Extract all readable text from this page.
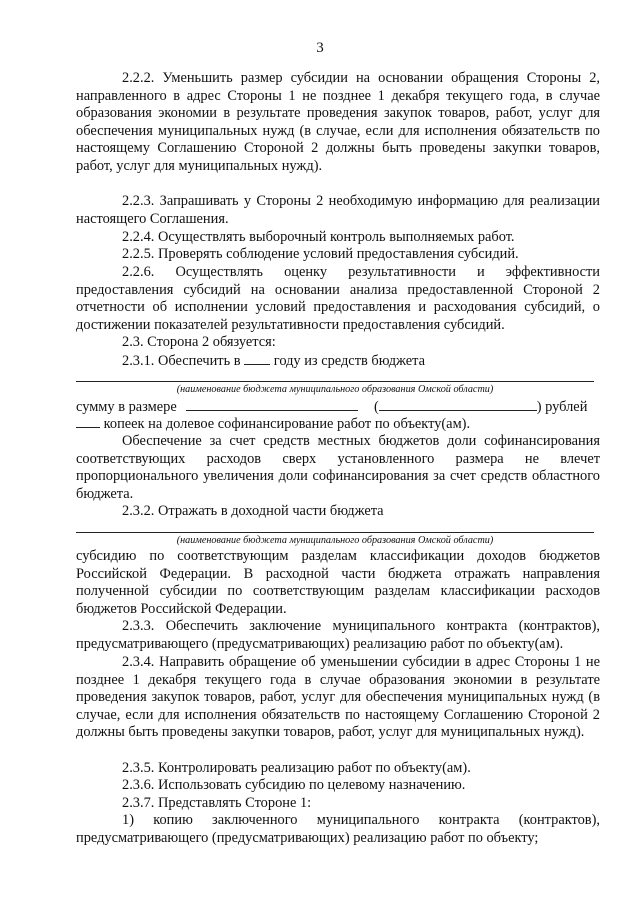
3
2.2.2. Уменьшить размер субсидии на основании обращения Стороны 2, направленного в адрес Стороны 1 не позднее 1 декабря текущего года, в случае образования экономии в результате проведения закупок товаров, работ, услуг для обеспечения муниципальных нужд (в случае, если для исполнения обязательств по настоящему Соглашению Стороной 2 должны быть проведены закупки товаров, работ, услуг для муниципальных нужд).
2.2.3. Запрашивать у Стороны 2 необходимую информацию для реализации настоящего Соглашения.
2.2.4. Осуществлять выборочный контроль выполняемых работ.
2.2.5. Проверять соблюдение условий предоставления субсидий.
2.2.6. Осуществлять оценку результативности и эффективности предоставления субсидий на основании анализа предоставленной Стороной 2 отчетности об исполнении условий предоставления и расходования субсидий, о достижении показателей результативности предоставления субсидий.
2.3. Сторона 2 обязуется:
2.3.1. Обеспечить в году из средств бюджета
(наименование бюджета муниципального образования Омской области)
сумму в размере	(	) рублей
копеек на долевое софинансирование работ по объекту(ам).
Обеспечение за счет средств местных бюджетов доли софинансирования соответствующих расходов сверх установленного размера не влечет пропорционального увеличения доли софинансирования за счет средств областного бюджета.
2.3.2. Отражать в доходной части бюджета
(наименование бюджета муниципального образования Омской области)
субсидию по соответствующим разделам классификации доходов бюджетов Российской Федерации. В расходной части бюджета отражать направления полученной субсидии по соответствующим разделам классификации расходов бюджетов Российской Федерации.
2.3.3. Обеспечить заключение муниципального контракта (контрактов), предусматривающего (предусматривающих) реализацию работ по объекту(ам).
2.3.4. Направить обращение об уменьшении субсидии в адрес Стороны 1 не позднее 1 декабря текущего года в случае образования экономии в результате проведения закупок товаров, работ, услуг для обеспечения муниципальных нужд (в случае, если для исполнения обязательств по настоящему Соглашению Стороной 2 должны быть проведены закупки товаров, работ, услуг для муниципальных нужд).
2.3.5. Контролировать реализацию работ по объекту(ам).
2.3.6. Использовать субсидию по целевому назначению.
2.3.7. Представлять Стороне 1:
1) копию заключенного муниципального контракта (контрактов), предусматривающего (предусматривающих) реализацию работ по объекту;
